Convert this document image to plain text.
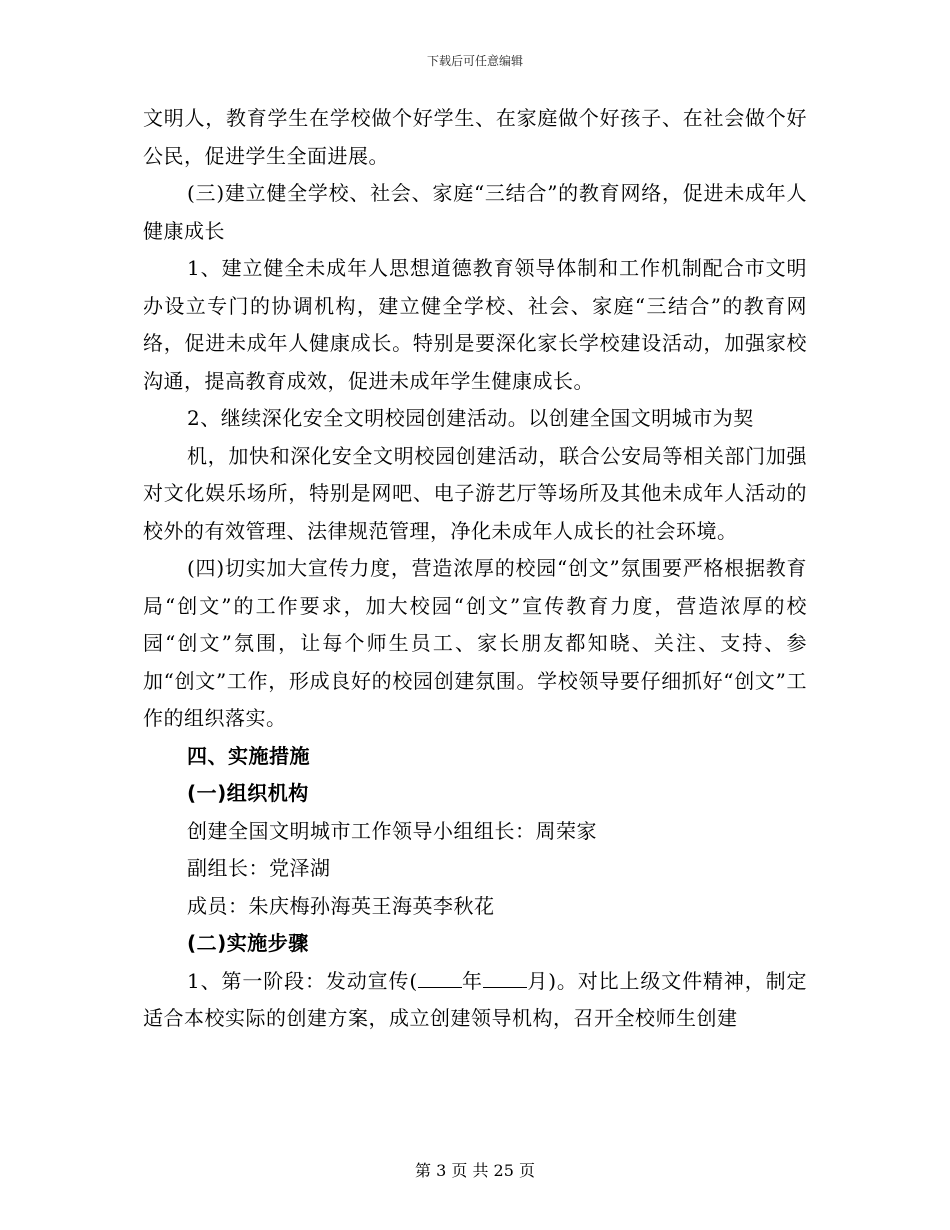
下载后可任意编辑

文明人，教育学生在学校做个好学生、在家庭做个好孩子、在社会做个好公民，促进学生全面进展。

(三)建立健全学校、社会、家庭“三结合”的教育网络，促进未成年人健康成长

1、建立健全未成年人思想道德教育领导体制和工作机制配合市文明办设立专门的协调机构，建立健全学校、社会、家庭“三结合”的教育网络，促进未成年人健康成长。特别是要深化家长学校建设活动，加强家校沟通，提高教育成效，促进未成年学生健康成长。

2、继续深化安全文明校园创建活动。以创建全国文明城市为契

机，加快和深化安全文明校园创建活动，联合公安局等相关部门加强对文化娱乐场所，特别是网吧、电子游艺厅等场所及其他未成年人活动的校外的有效管理、法律规范管理，净化未成年人成长的社会环境。

(四)切实加大宣传力度，营造浓厚的校园“创文”氛围要严格根据教育局“创文”的工作要求，加大校园“创文”宣传教育力度，营造浓厚的校园“创文”氛围，让每个师生员工、家长朋友都知晓、关注、支持、参加“创文”工作，形成良好的校园创建氛围。学校领导要仔细抓好“创文”工作的组织落实。

四、实施措施

(一)组织机构

创建全国文明城市工作领导小组组长：周荣家

副组长：党泽湖

成员：朱庆梅孙海英王海英李秋花

(二)实施步骤

1、第一阶段：发动宣传( 年 月)。对比上级文件精神，制定适合本校实际的创建方案，成立创建领导机构，召开全校师生创建

第 3 页 共 25 页
